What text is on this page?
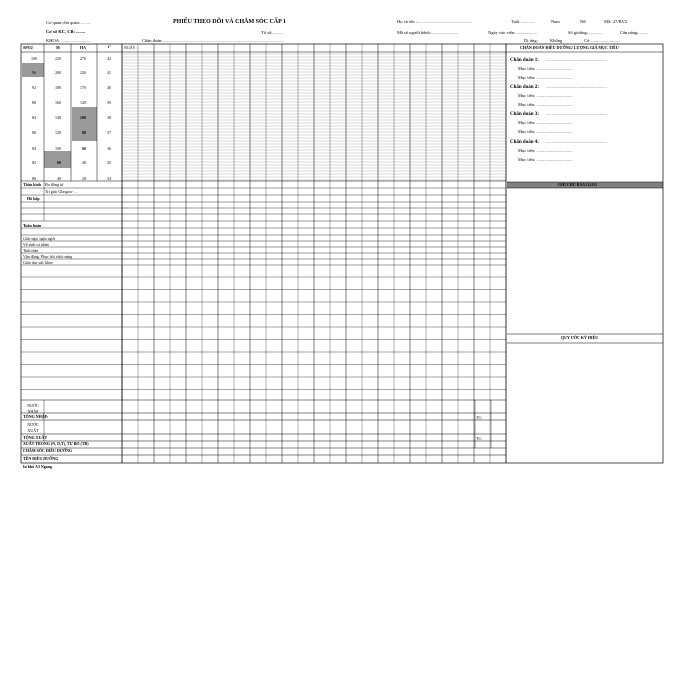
Cơ quan chủ quản: ........
Cơ sở KC, CB: ........
PHIẾU THEO DÕI VÀ CHĂM SÓC CẤP 1
Tờ số:..........
KHOA: ..........................	Chẩn đoán:...........................................................................................................
Họ và tên :.................................................	Tuổi: ...........	Nam	Nữ	MS: 27/BV2
Mã số người bệnh:........................	Ngày vào viện:...................	Số giường:.............	Cân nặng:.........
Dị ứng:	Không	Có:..........................
SPO2	M	HA	t°	NGÀY :
100	220	270	42
96	200	220	41
92	180	170	40
88	160	120	39
84	140	100	38
80	120	80	37
84	100	60	36
82	60	40	35
80	40	20	34
Thần kinh Đo đồng tử
Tri giác Glasgow ...
Hô hấp
Tuần hoàn
Giấc ngủ, nghỉ ngơi
Vệ sinh cá nhân
Tinh thần
Vận động, Phục hồi chức năng
Giáo dục sức khỏe
NƯỚC NHẬP
TỔNG NHẬP:
NƯỚC XUẤT
TỔNG XUẤT
TC:
TC:
XUẤT TRONG (N, D,T), TỰ BO (TB)
CHĂM SÓC ĐIỀU DƯỠNG
TÊN ĐIỀU DƯỠNG
In khổ A3 Ngang
CHẨN ĐOÁN ĐIỀU DƯỠNG/ LƯỢNG GIÁ MỤC TIÊU
Chẩn đoán 1: ......................................................
Mục tiêu: ................................
Mục tiêu: ................................
Chẩn đoán 2: ......................................................
Mục tiêu: ................................
Mục tiêu: ................................
Chẩn đoán 3: ......................................................
Mục tiêu: ................................
Mục tiêu: ................................
Chẩn đoán 4: ......................................................
Mục tiêu: ................................
Mục tiêu: ................................
GHI CHÚ BÀN GIAO
QUY ƯỚC KÝ HIỆU
